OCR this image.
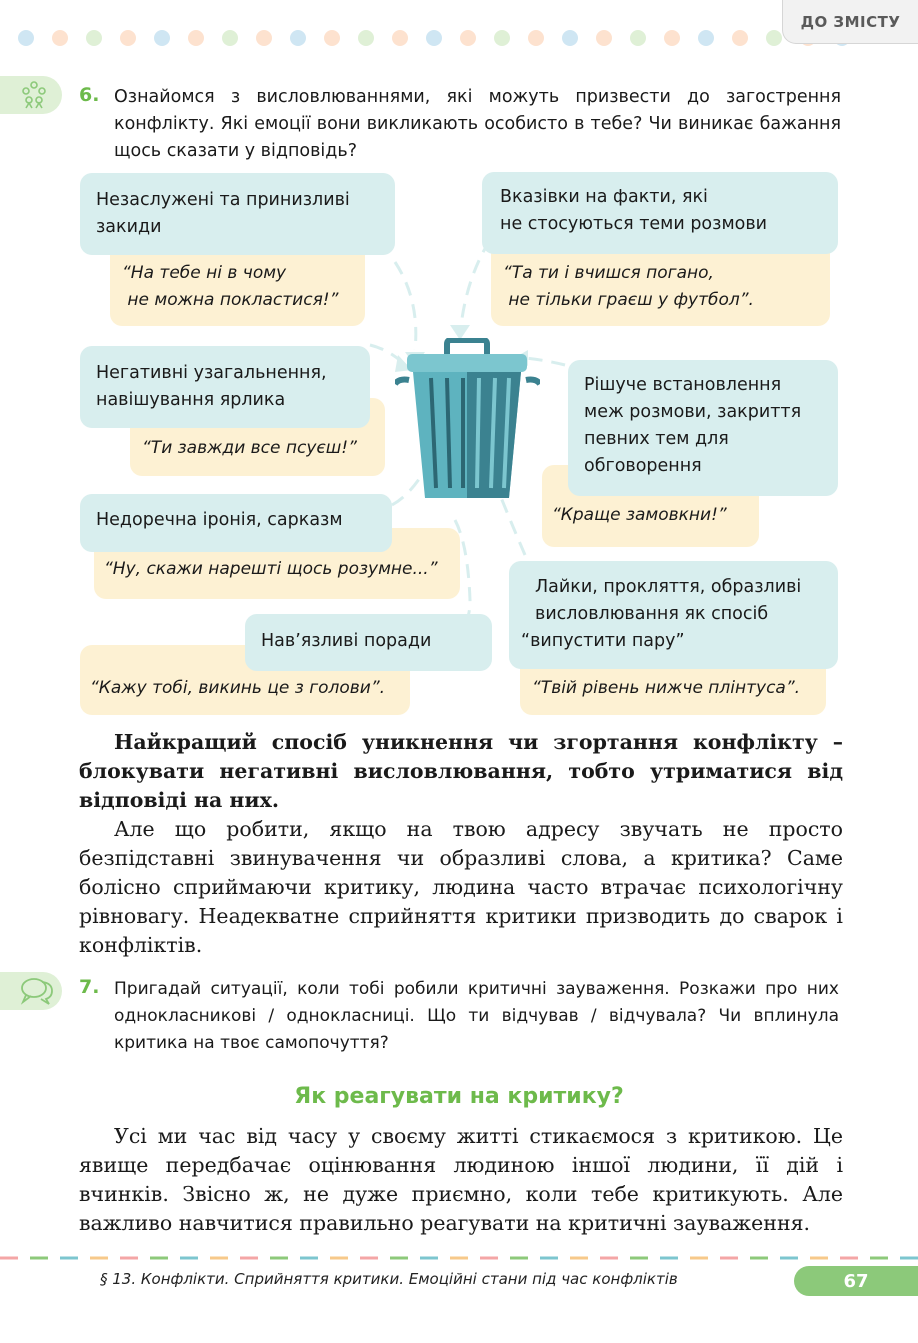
ДО ЗМІСТУ
6. Ознайомся з висловлюваннями, які можуть призвести до загострення конфлікту. Які емоції вони викликають особисто в тебе? Чи виникає бажання щось сказати у відповідь?
“На тебе ні в чому
не можна покластися!”
Незаслужені та принизливі закиди
“Та ти і вчишся погано,
не тільки граєш у футбол”.
Вказівки на факти, які
не стосуються теми розмови
“Ти завжди все псуєш!”
Негативні узагальнення, навішування ярлика
“Краще замовкни!”
Рішуче встановлення
меж розмови, закриття
певних тем для
обговорення
“Ну, скажи нарешті щось розумне...”
Недоречна іронія, сарказм
“Кажу тобі, викинь це з голови”.
Нав’язливі поради
“Твій рівень нижче плінтуса”.
Лайки, прокляття, образливі
висловлювання як спосіб
“випустити пару”
Найкращий спосіб уникнення чи згортання конфлікту – блокувати негативні висловлювання, тобто утриматися від відповіді на них.
Але що робити, якщо на твою адресу звучать не просто безпідставні звинувачення чи образливі слова, а критика? Саме болісно сприймаючи критику, людина часто втрачає психологічну рівновагу. Неадекватне сприйняття критики призводить до сварок і конфліктів.
7. Пригадай ситуації, коли тобі робили критичні зауваження. Розкажи про них однокласникові / однокласниці. Що ти відчував / відчувала? Чи вплинула критика на твоє самопочуття?
Як реагувати на критику?
Усі ми час від часу у своєму житті стикаємося з критикою. Це явище передбачає оцінювання людиною іншої людини, її дій і вчинків. Звісно ж, не дуже приємно, коли тебе критикують. Але важливо навчитися правильно реагувати на критичні зауваження.
§ 13. Конфлікти. Сприйняття критики. Емоційні стани під час конфліктів	67
